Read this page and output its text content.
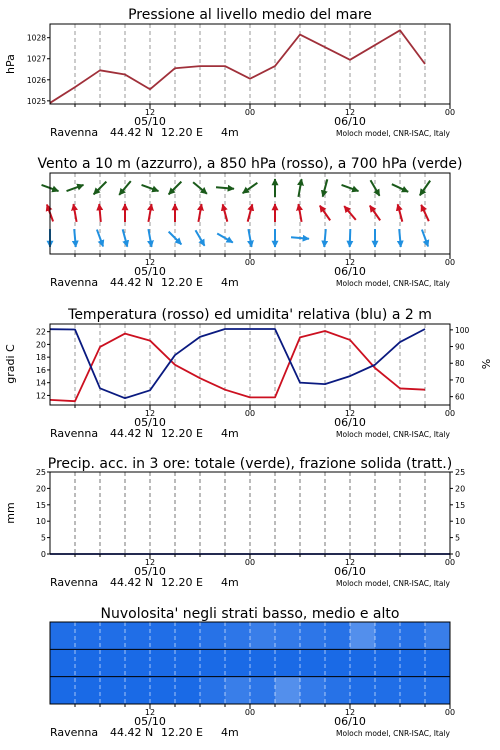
Pressione al livello medio del mare
hPa
1025
1026
1027
1028
12	00	12	00
05/10	06/10
Ravenna 44.42 N 12.20 E 4m	Moloch model, CNR-ISAC, Italy
Vento a 10 m (azzurro), a 850 hPa (rosso), a 700 hPa (verde)
12	00	12	00
05/10	06/10
Ravenna 44.42 N 12.20 E 4m	Moloch model, CNR-ISAC, Italy
Temperatura (rosso) ed umidita' relativa (blu) a 2 m
gradi C	%
12
14
16
18
20
22
60
70
80
90
100
12	00	12	00
05/10	06/10
Ravenna 44.42 N 12.20 E 4m	Moloch model, CNR-ISAC, Italy
Precip. acc. in 3 ore: totale (verde), frazione solida (tratt.)
mm
0
5
10
15
20
25
0
5
10
15
20
25
12	00	12	00
05/10	06/10
Ravenna 44.42 N 12.20 E 4m	Moloch model, CNR-ISAC, Italy
Nuvolosita' negli strati basso, medio e alto
12	00	12	00
05/10	06/10
Ravenna 44.42 N 12.20 E 4m	Moloch model, CNR-ISAC, Italy
